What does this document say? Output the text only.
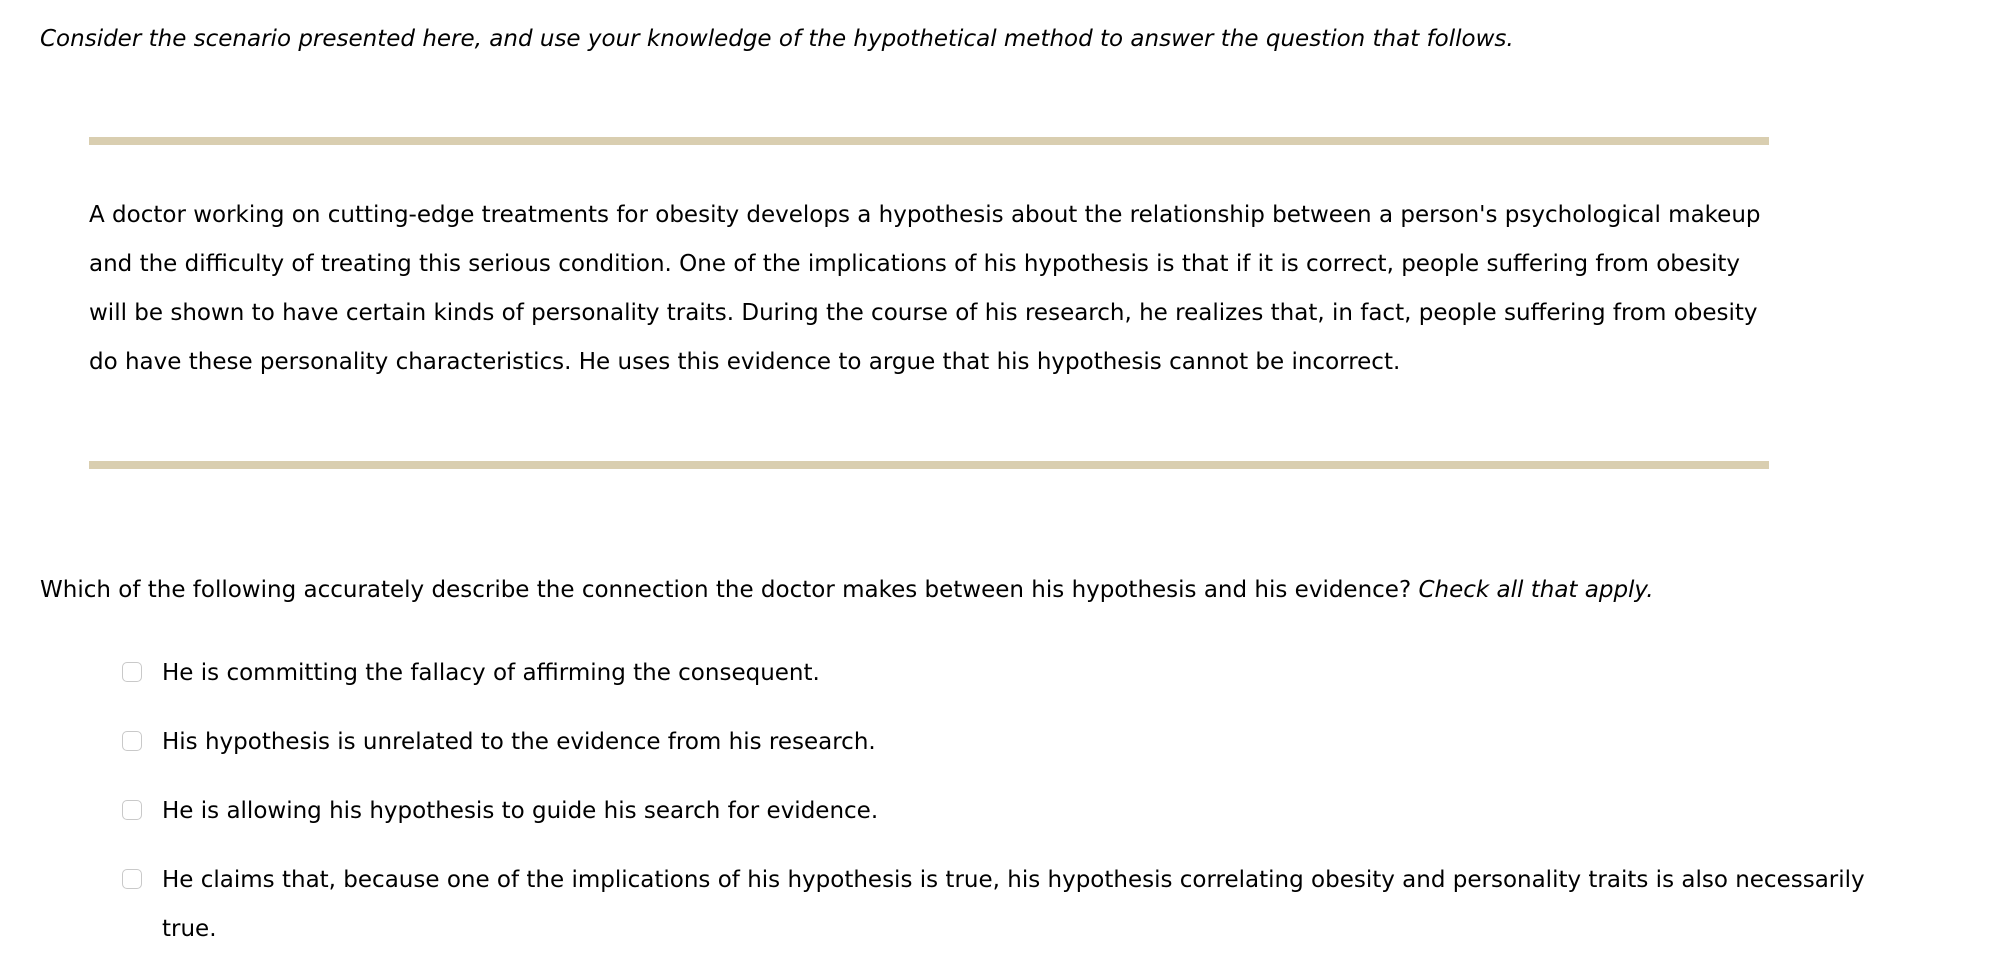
Consider the scenario presented here, and use your knowledge of the hypothetical method to answer the question that follows.

A doctor working on cutting-edge treatments for obesity develops a hypothesis about the relationship between a person's psychological makeup and the difficulty of treating this serious condition. One of the implications of his hypothesis is that if it is correct, people suffering from obesity will be shown to have certain kinds of personality traits. During the course of his research, he realizes that, in fact, people suffering from obesity do have these personality characteristics. He uses this evidence to argue that his hypothesis cannot be incorrect.

Which of the following accurately describe the connection the doctor makes between his hypothesis and his evidence? Check all that apply.

He is committing the fallacy of affirming the consequent.
His hypothesis is unrelated to the evidence from his research.
He is allowing his hypothesis to guide his search for evidence.
He claims that, because one of the implications of his hypothesis is true, his hypothesis correlating obesity and personality traits is also necessarily true.
